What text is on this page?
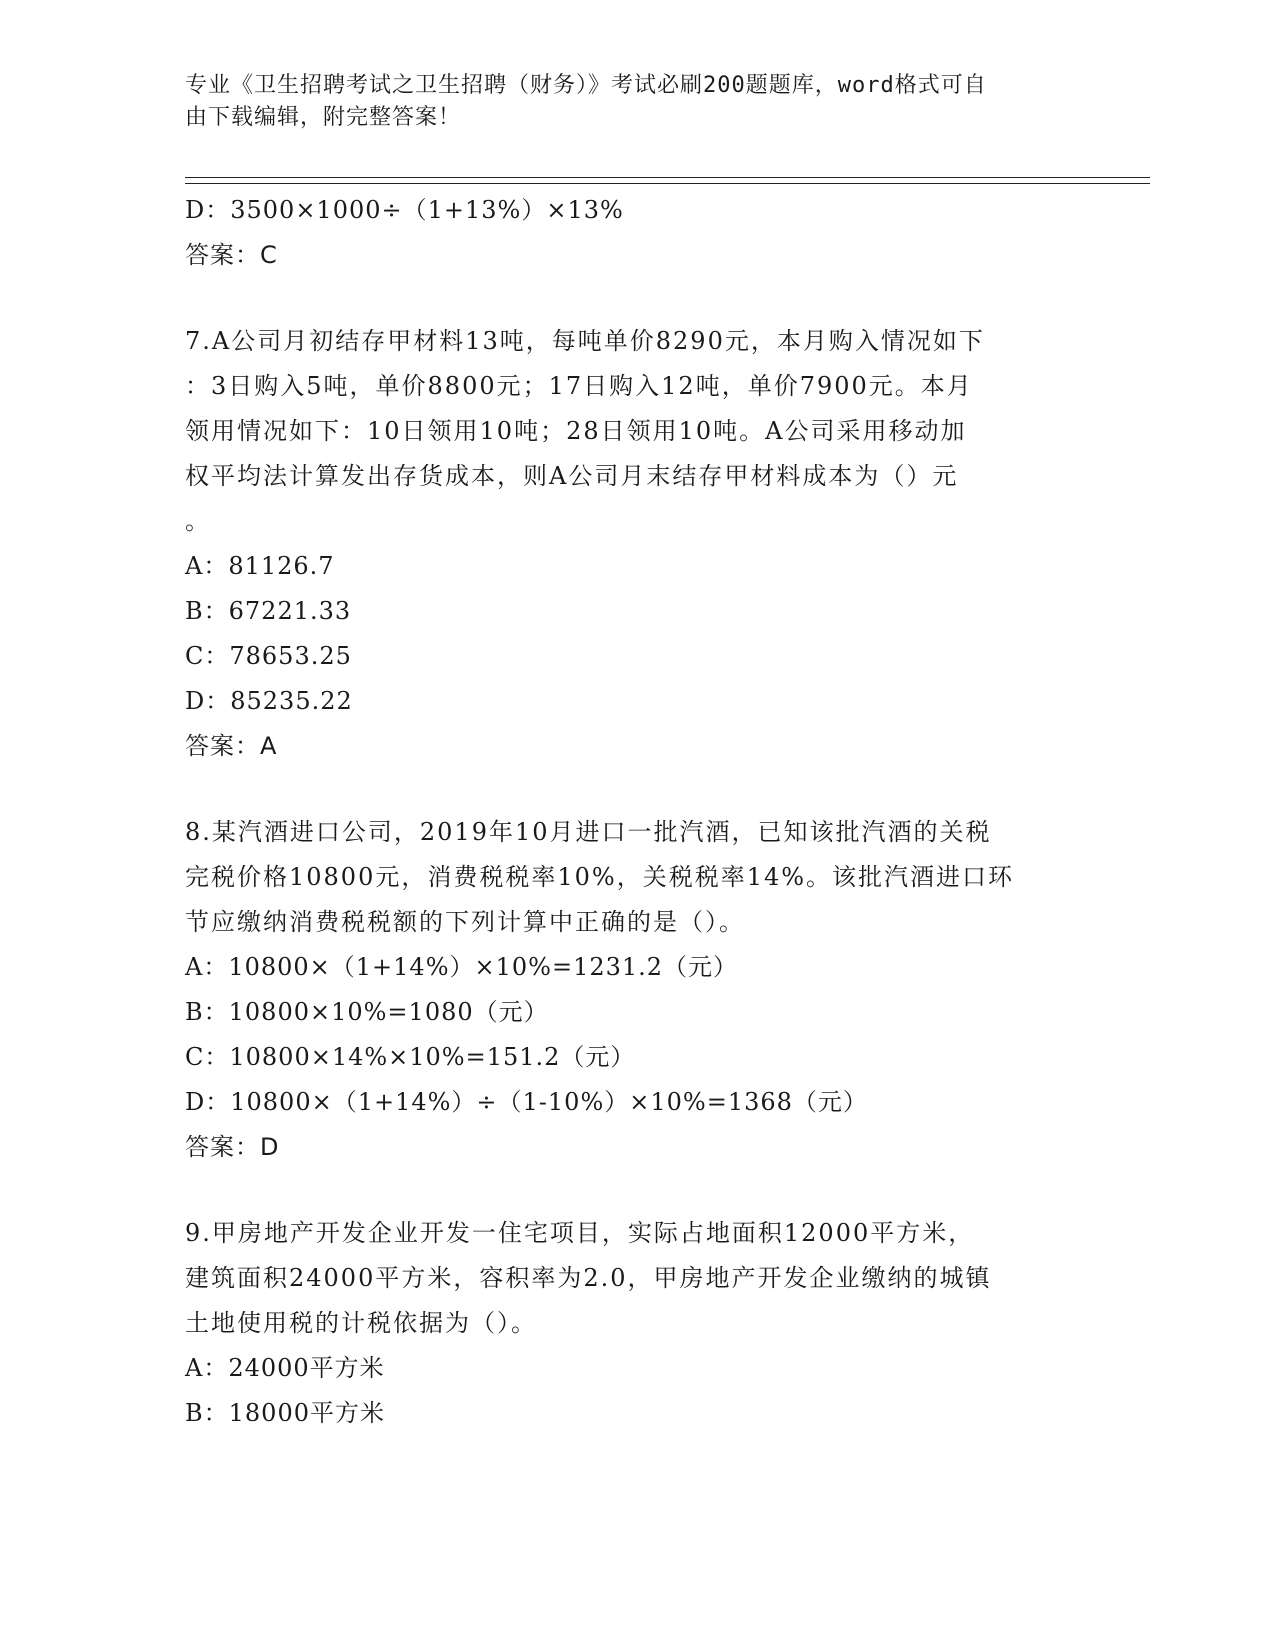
专业《卫生招聘考试之卫生招聘（财务）》考试必刷200题题库，word格式可自
由下载编辑，附完整答案！
D：3500×1000÷（1+13%）×13%
答案：C
7.A公司月初结存甲材料13吨，每吨单价8290元，本月购入情况如下
：3日购入5吨，单价8800元；17日购入12吨，单价7900元。本月
领用情况如下：10日领用10吨；28日领用10吨。A公司采用移动加
权平均法计算发出存货成本，则A公司月末结存甲材料成本为（）元
。
A：81126.7
B：67221.33
C：78653.25
D：85235.22
答案：A
8.某汽酒进口公司，2019年10月进口一批汽酒，已知该批汽酒的关税
完税价格10800元，消费税税率10%，关税税率14%。该批汽酒进口环
节应缴纳消费税税额的下列计算中正确的是（）。
A：10800×（1+14%）×10%=1231.2（元）
B：10800×10%=1080（元）
C：10800×14%×10%=151.2（元）
D：10800×（1+14%）÷（1-10%）×10%=1368（元）
答案：D
9.甲房地产开发企业开发一住宅项目，实际占地面积12000平方米，
建筑面积24000平方米，容积率为2.0，甲房地产开发企业缴纳的城镇
土地使用税的计税依据为（）。
A：24000平方米
B：18000平方米
